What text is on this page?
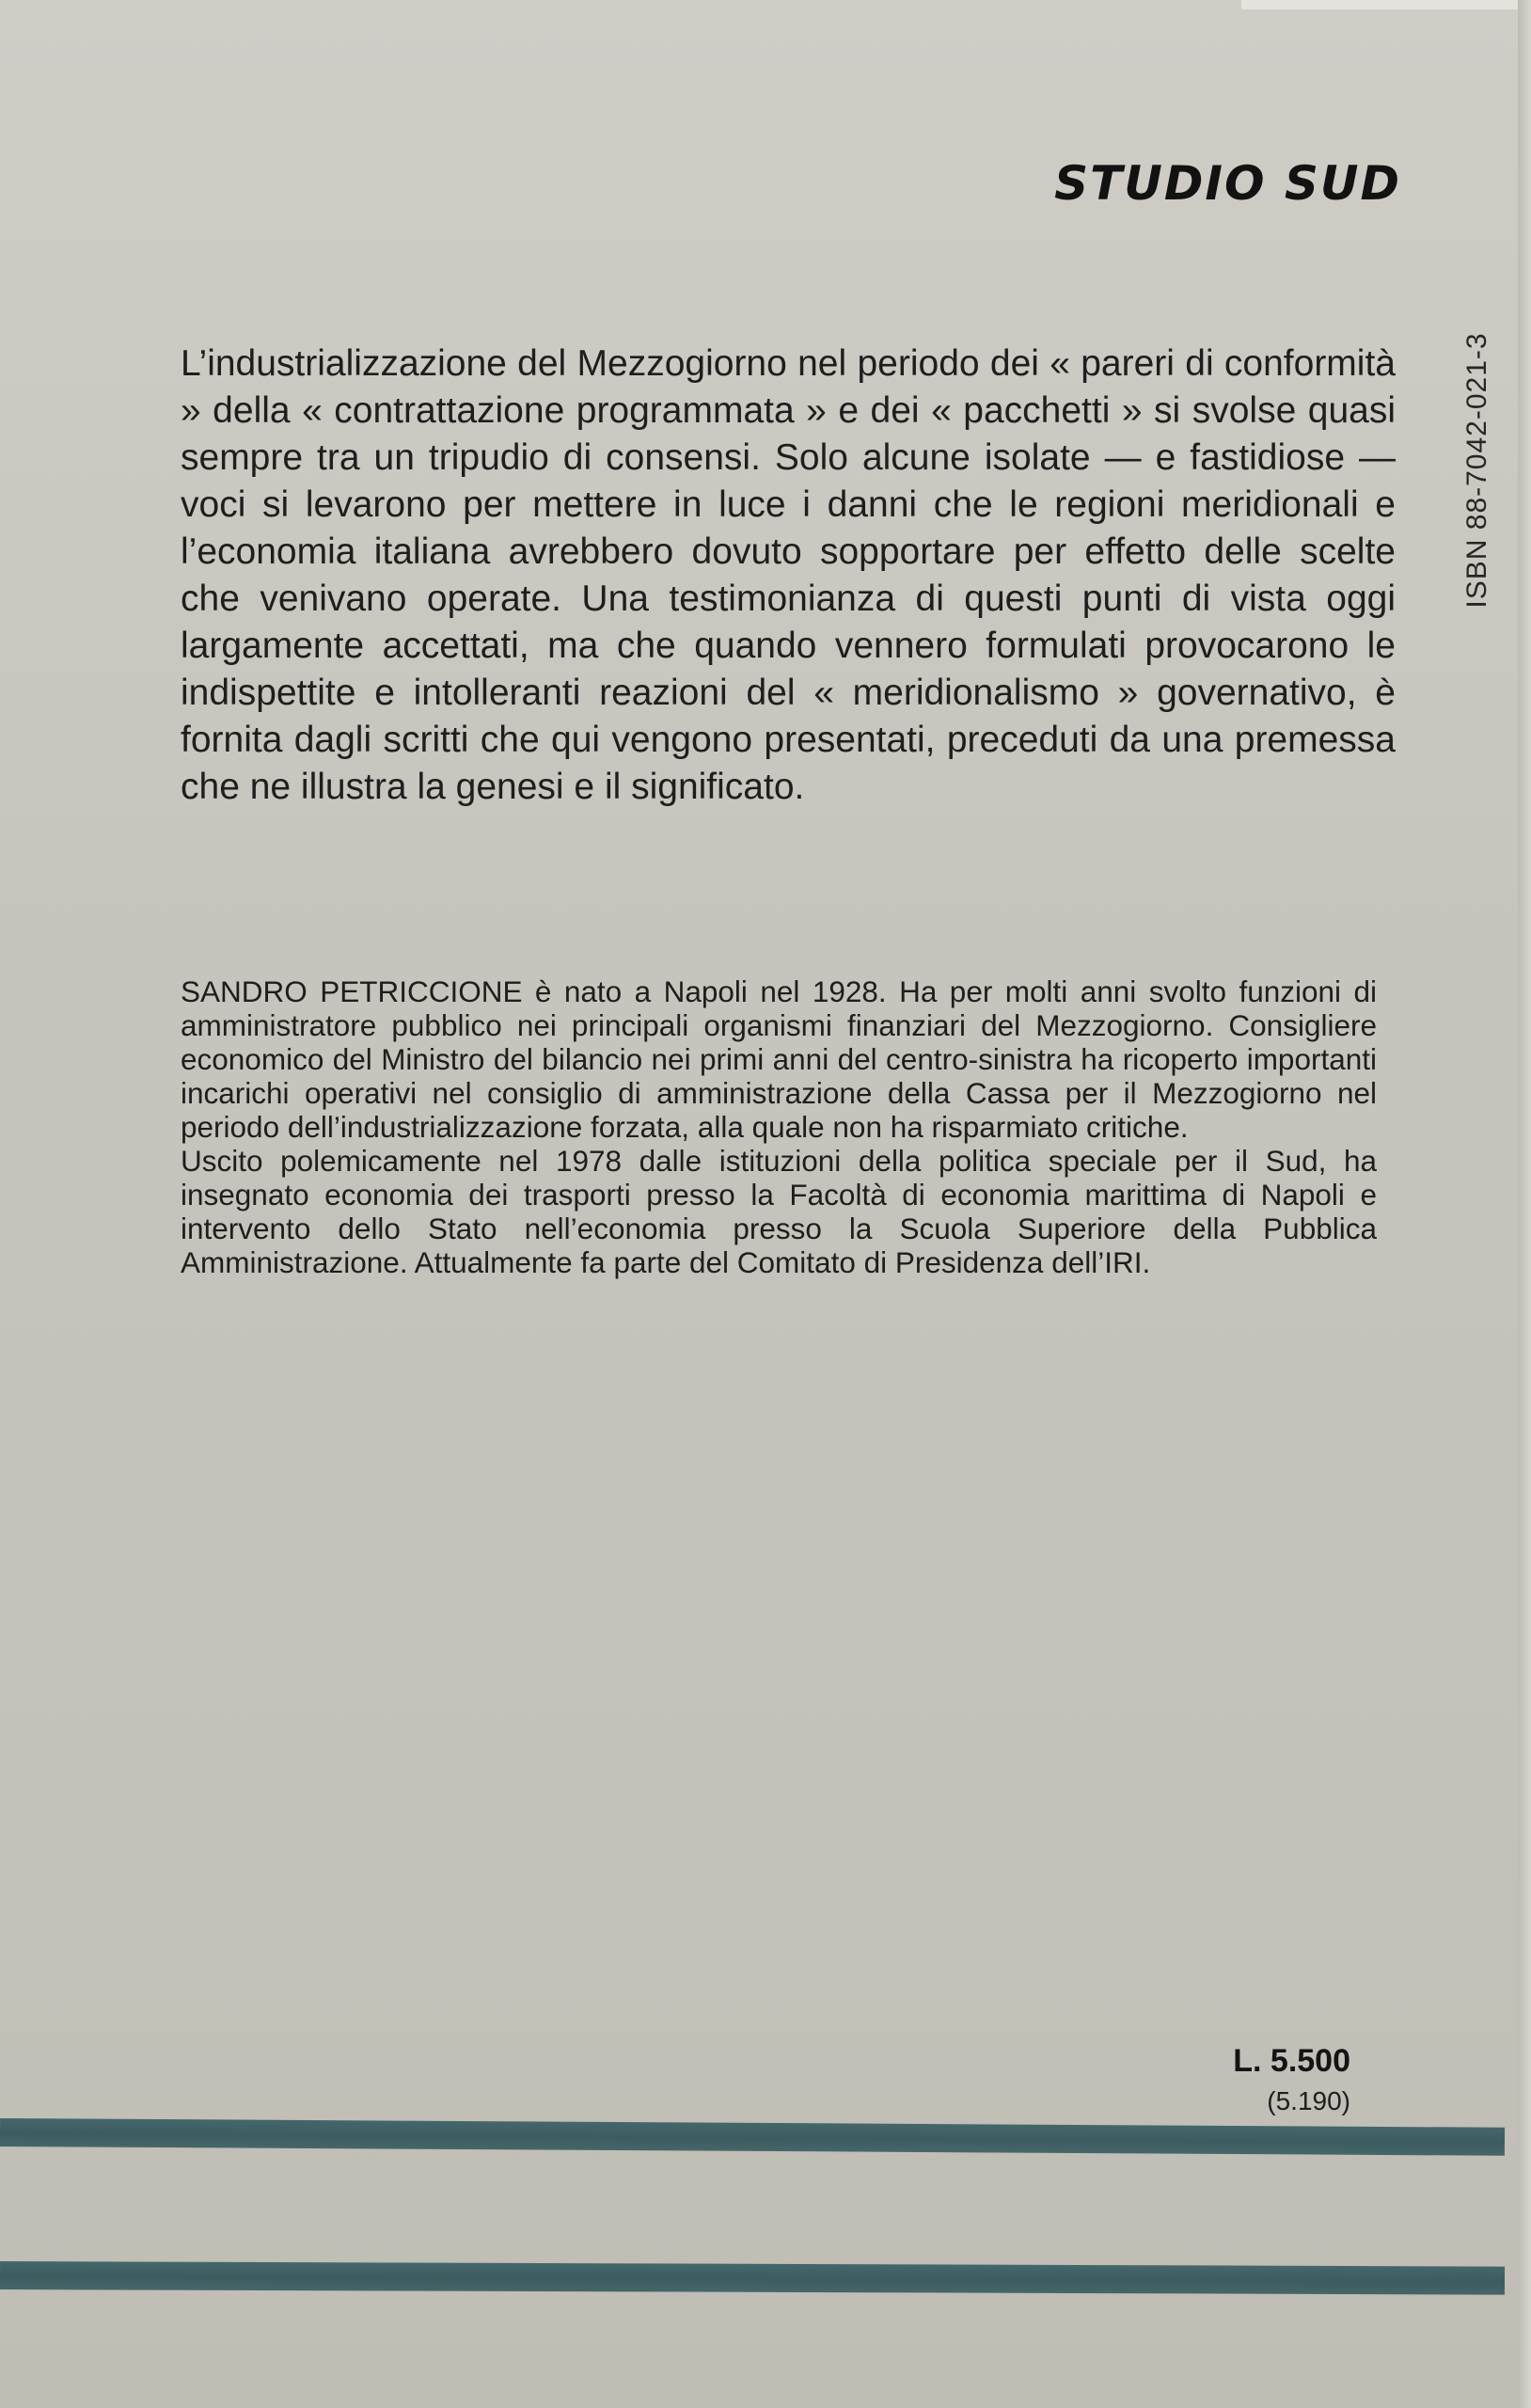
STUDIO SUD
ISBN 88-7042-021-3

L’industrializzazione del Mezzogiorno nel periodo dei « pareri di conformità » della « contrattazione programmata » e dei « pacchetti » si svolse quasi sempre tra un tripudio di consensi. Solo alcune isolate — e fastidiose — voci si levarono per mettere in luce i danni che le regioni meridionali e l’economia italiana avrebbero dovuto sopportare per effetto delle scelte che venivano operate. Una testimonianza di questi punti di vista oggi largamente accettati, ma che quando vennero formulati provocarono le indispettite e intolleranti reazioni del « meridionalismo » governativo, è fornita dagli scritti che qui vengono presentati, preceduti da una premessa che ne illustra la genesi e il significato.

SANDRO PETRICCIONE è nato a Napoli nel 1928. Ha per molti anni svolto funzioni di amministratore pubblico nei principali organismi finanziari del Mezzogiorno. Consigliere economico del Ministro del bilancio nei primi anni del centro-sinistra ha ricoperto importanti incarichi operativi nel consiglio di amministrazione della Cassa per il Mezzogiorno nel periodo dell’industrializzazione forzata, alla quale non ha risparmiato critiche.

Uscito polemicamente nel 1978 dalle istituzioni della politica speciale per il Sud, ha insegnato economia dei trasporti presso la Facoltà di economia marittima di Napoli e intervento dello Stato nell’economia presso la Scuola Superiore della Pubblica Amministrazione. Attualmente fa parte del Comitato di Presidenza dell’IRI.

L. 5.500
(5.190)
